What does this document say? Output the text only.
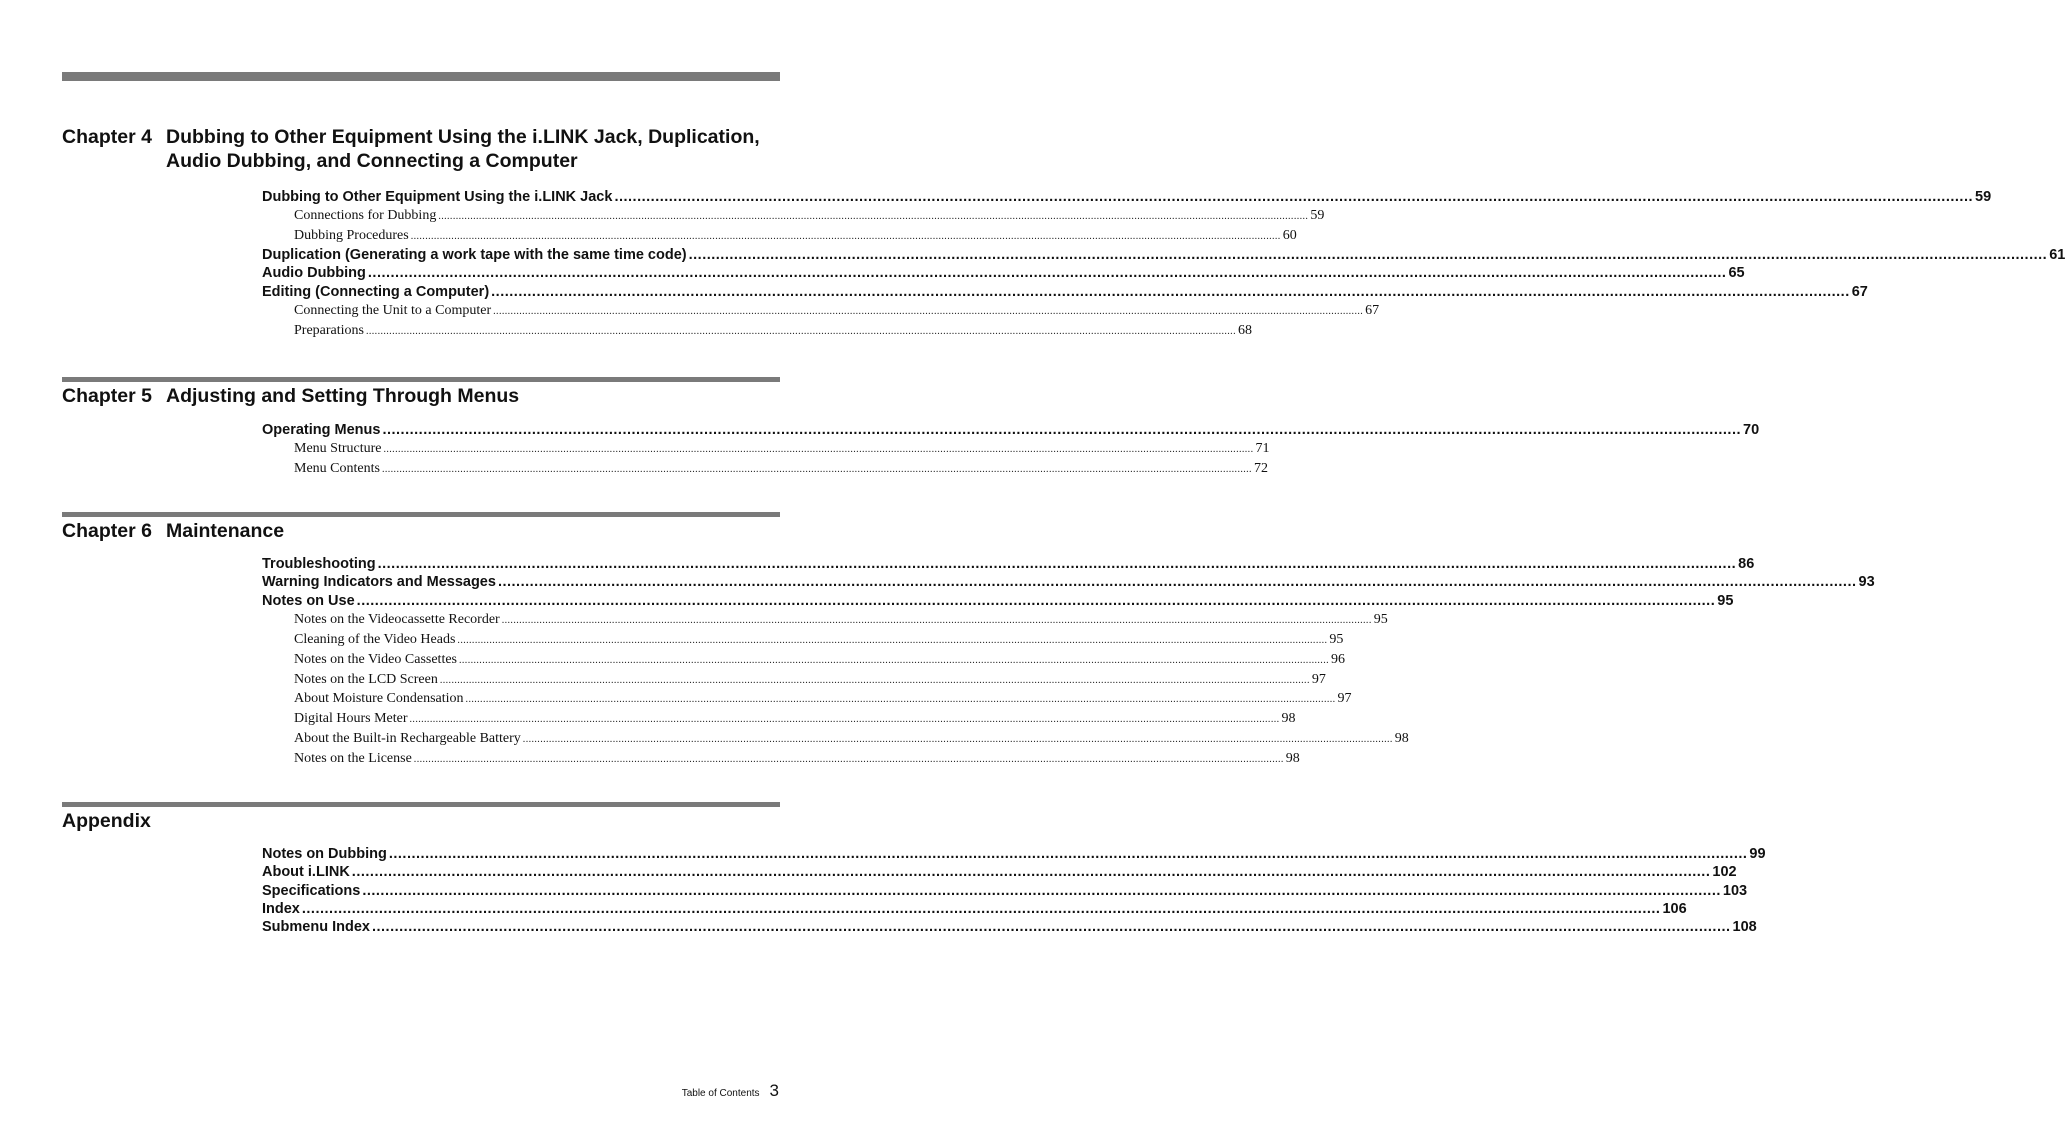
Chapter 4 Dubbing to Other Equipment Using the i.LINK Jack, Duplication, Audio Dubbing, and Connecting a Computer
Dubbing to Other Equipment Using the i.LINK Jack ............................................................................................................................................................................................................................................................................................................ 59
Connections for Dubbing ............................................................................................................................................................................................................................................................................................................ 59
Dubbing Procedures ............................................................................................................................................................................................................................................................................................................ 60
Duplication (Generating a work tape with the same time code) ............................................................................................................................................................................................................................................................................................................ 61
Audio Dubbing ............................................................................................................................................................................................................................................................................................................ 65
Editing (Connecting a Computer) ............................................................................................................................................................................................................................................................................................................ 67
Connecting the Unit to a Computer ............................................................................................................................................................................................................................................................................................................ 67
Preparations ............................................................................................................................................................................................................................................................................................................ 68
Chapter 5 Adjusting and Setting Through Menus
Operating Menus ............................................................................................................................................................................................................................................................................................................ 70
Menu Structure ............................................................................................................................................................................................................................................................................................................ 71
Menu Contents ............................................................................................................................................................................................................................................................................................................ 72
Chapter 6 Maintenance
Troubleshooting ............................................................................................................................................................................................................................................................................................................ 86
Warning Indicators and Messages ............................................................................................................................................................................................................................................................................................................ 93
Notes on Use ............................................................................................................................................................................................................................................................................................................ 95
Notes on the Videocassette Recorder ............................................................................................................................................................................................................................................................................................................ 95
Cleaning of the Video Heads ............................................................................................................................................................................................................................................................................................................ 95
Notes on the Video Cassettes ............................................................................................................................................................................................................................................................................................................ 96
Notes on the LCD Screen ............................................................................................................................................................................................................................................................................................................ 97
About Moisture Condensation ............................................................................................................................................................................................................................................................................................................ 97
Digital Hours Meter ............................................................................................................................................................................................................................................................................................................ 98
About the Built-in Rechargeable Battery ............................................................................................................................................................................................................................................................................................................ 98
Notes on the License ............................................................................................................................................................................................................................................................................................................ 98
Appendix
Notes on Dubbing ............................................................................................................................................................................................................................................................................................................ 99
About i.LINK ............................................................................................................................................................................................................................................................................................................ 102
Specifications ............................................................................................................................................................................................................................................................................................................ 103
Index ............................................................................................................................................................................................................................................................................................................ 106
Submenu Index ............................................................................................................................................................................................................................................................................................................ 108
Table of Contents 3
